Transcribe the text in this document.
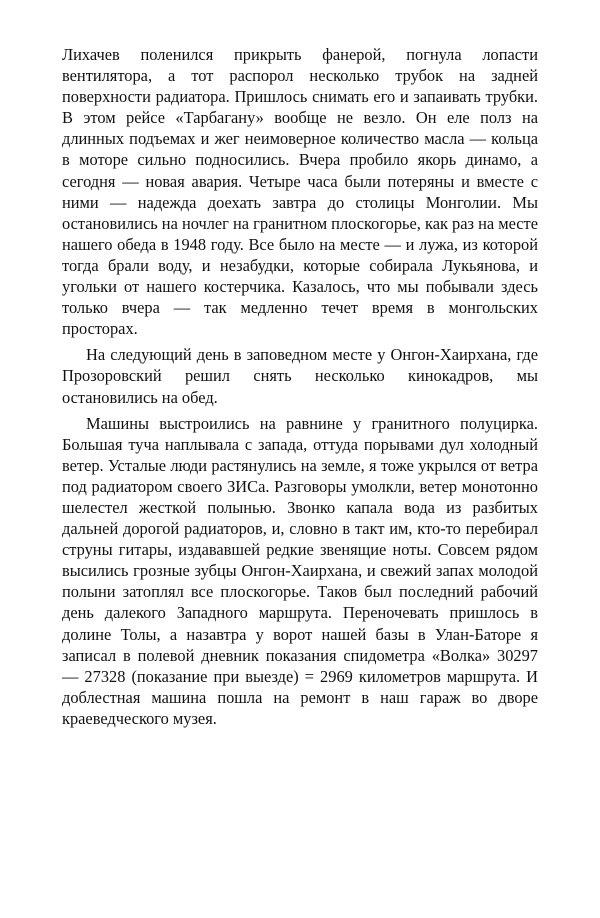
Лихачев поленился прикрыть фанерой, погнула лопасти вентилятора, а тот распорол несколько трубок на задней поверхности радиатора. Пришлось снимать его и запаивать трубки. В этом рейсе «Тарбагану» вообще не везло. Он еле полз на длинных подъемах и жег неимоверное количество масла — кольца в моторе сильно подносились. Вчера пробило якорь динамо, а сегодня — новая авария. Четыре часа были потеряны и вместе с ними — надежда доехать завтра до столицы Монголии. Мы остановились на ночлег на гранитном плоскогорье, как раз на месте нашего обеда в 1948 году. Все было на месте — и лужа, из которой тогда брали воду, и незабудки, которые собирала Лукьянова, и угольки от нашего костерчика. Казалось, что мы побывали здесь только вчера — так медленно течет время в монгольских просторах.

На следующий день в заповедном месте у Онгон-Хаирхана, где Прозоровский решил снять несколько кинокадров, мы остановились на обед.

Машины выстроились на равнине у гранитного полуцирка. Большая туча наплывала с запада, оттуда порывами дул холодный ветер. Усталые люди растянулись на земле, я тоже укрылся от ветра под радиатором своего ЗИСа. Разговоры умолкли, ветер монотонно шелестел жесткой полынью. Звонко капала вода из разбитых дальней дорогой радиаторов, и, словно в такт им, кто-то перебирал струны гитары, издававшей редкие звенящие ноты. Совсем рядом высились грозные зубцы Онгон-Хаирхана, и свежий запах молодой полыни затоплял все плоскогорье. Таков был последний рабочий день далекого Западного маршрута. Переночевать пришлось в долине Толы, а назавтра у ворот нашей базы в Улан-Баторе я записал в полевой дневник показания спидометра «Волка» 30297 — 27328 (показание при выезде) = 2969 километров маршрута. И доблестная машина пошла на ремонт в наш гараж во дворе краеведческого музея.
